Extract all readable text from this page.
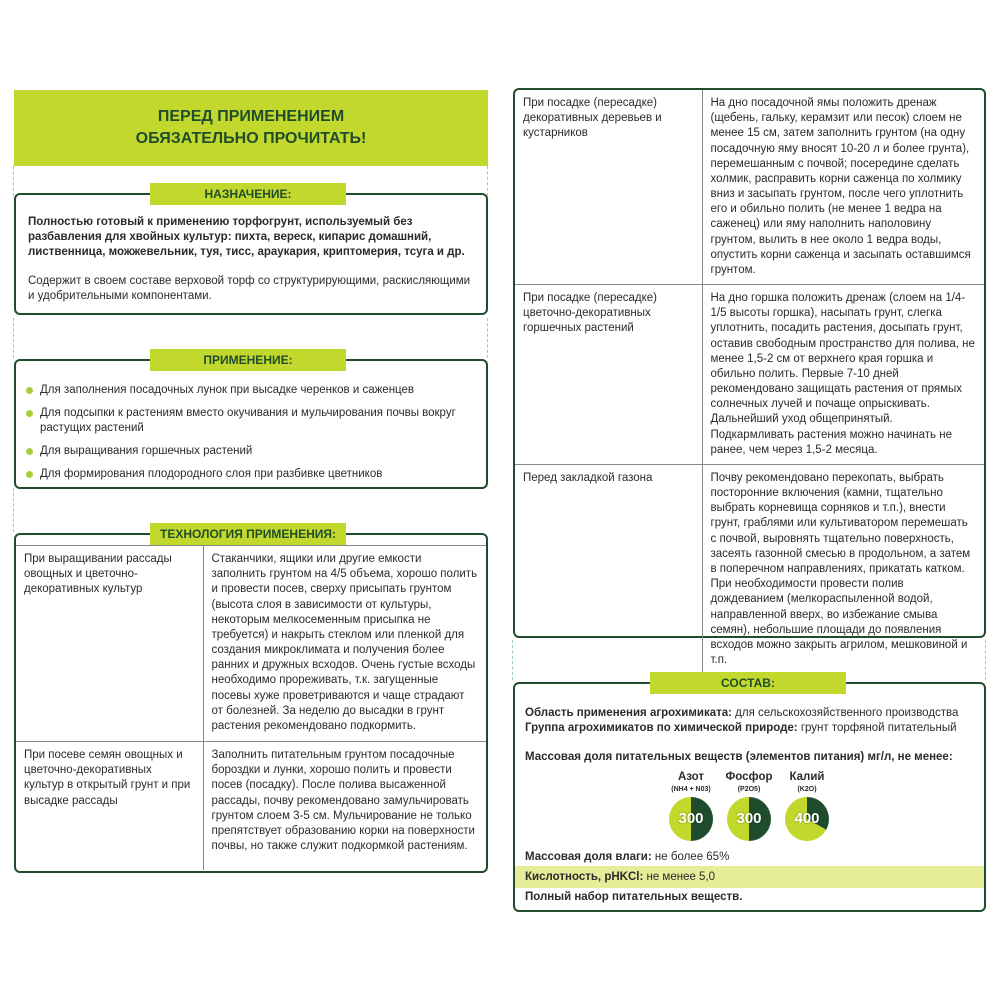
ПЕРЕД ПРИМЕНЕНИЕМ
ОБЯЗАТЕЛЬНО ПРОЧИТАТЬ!
Полностью готовый к применению торфогрунт, используемый без разбавления для хвойных культур: пихта, вереск, кипарис домашний, лиственница, можжевельник, туя, тисс, араукария, криптомерия, тсуга и др.
Содержит в своем составе верховой торф со структурирующими, раскисляющими и удобрительными компонентами.
НАЗНАЧЕНИЕ:
Для заполнения посадочных лунок при высадке черенков и саженцев
Для подсыпки к растениям вместо окучивания и мульчирования почвы вокруг растущих растений
Для выращивания горшечных растений
Для формирования плодородного слоя при разбивке цветников
ПРИМЕНЕНИЕ:
При выращивании рассады овощных и цветочно-декоративных культур	Стаканчики, ящики или другие емкости заполнить грунтом на 4/5 объема, хорошо полить и провести посев, сверху присыпать грунтом (высота слоя в зависимости от культуры, некоторым мелкосеменным присыпка не требуется) и накрыть стеклом или пленкой для создания микроклимата и получения более ранних и дружных всходов. Очень густые всходы необходимо прореживать, т.к. загущенные посевы хуже проветриваются и чаще страдают от болезней. За неделю до высадки в грунт растения рекомендовано подкормить.
При посеве семян овощных и цветочно-декоративных культур в открытый грунт и при высадке рассады	Заполнить питательным грунтом посадочные бороздки и лунки, хорошо полить и провести посев (посадку). После полива высаженной рассады, почву рекомендовано замульчировать грунтом слоем 3-5 см. Мульчирование не только препятствует образованию корки на поверхности почвы, но также служит подкормкой растениям.
ТЕХНОЛОГИЯ ПРИМЕНЕНИЯ:
При посадке (пересадке) декоративных деревьев и кустарников	На дно посадочной ямы положить дренаж (щебень, гальку, керамзит или песок) слоем не менее 15 см, затем заполнить грунтом (на одну посадочную яму вносят 10-20 л и более грунта), перемешанным с почвой; посередине сделать холмик, расправить корни саженца по холмику вниз и засыпать грунтом, после чего уплотнить его и обильно полить (не менее 1 ведра на саженец) или яму наполнить наполовину грунтом, вылить в нее около 1 ведра воды, опустить корни саженца и засыпать оставшимся грунтом.
При посадке (пересадке) цветочно-декоративных горшечных растений	На дно горшка положить дренаж (слоем на 1/4-1/5 высоты горшка), насыпать грунт, слегка уплотнить, посадить растения, досыпать грунт, оставив свободным пространство для полива, не менее 1,5-2 см от верхнего края горшка и обильно полить. Первые 7-10 дней рекомендовано защищать растения от прямых солнечных лучей и почаще опрыскивать. Дальнейший уход общепринятый. Подкармливать растения можно начинать не ранее, чем через 1,5-2 месяца.
Перед закладкой газона	Почву рекомендовано перекопать, выбрать посторонние включения (камни, тщательно выбрать корневища сорняков и т.п.), внести грунт, граблями или культиватором перемешать с почвой, выровнять тщательно поверхность, засеять газонной смесью в продольном, а затем в поперечном направлениях, прикатать катком. При необходимости провести полив дождеванием (мелкораспыленной водой, направленной вверх, во избежание смыва семян), небольшие площади до появления всходов можно закрыть агрилом, мешковиной и т.п.
Область применения агрохимиката: для сельскохозяйственного производства
Группа агрохимикатов по химической природе: грунт торфяной питательный
Массовая доля питательных веществ (элементов питания) мг/л, не менее:
СОСТАВ:
Азот
(NH4 + N03)
300
Фосфор
(P2O5)
300
Калий
(K2O)
400
Массовая доля влаги: не более 65%
Кислотность, рНKCl: не менее 5,0
Полный набор питательных веществ.
